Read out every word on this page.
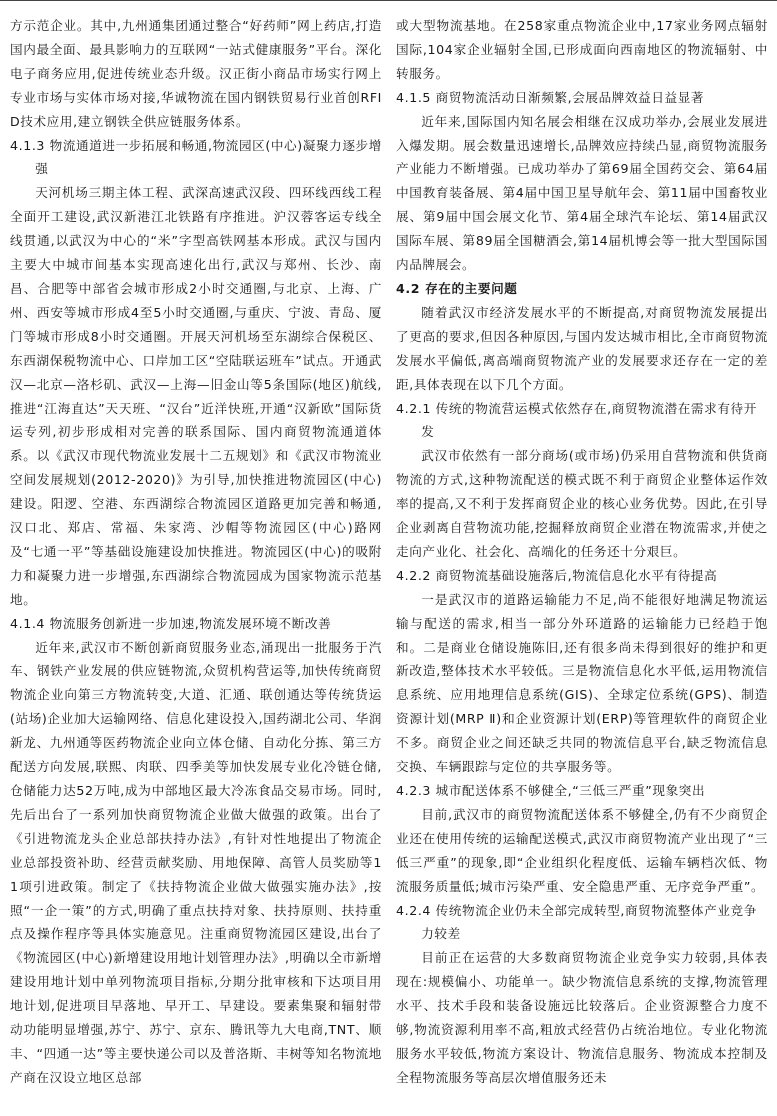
方示范企业。其中,九州通集团通过整合“好药师”网上药店,打造国内最全面、最具影响力的互联网“一站式健康服务”平台。深化电子商务应用,促进传统业态升级。汉正街小商品市场实行网上专业市场与实体市场对接,华诚物流在国内钢铁贸易行业首创RFID技术应用,建立钢铁全供应链服务体系。

4.1.3 物流通道进一步拓展和畅通,物流园区(中心)凝聚力逐步增强

天河机场三期主体工程、武深高速武汉段、四环线西线工程全面开工建设,武汉新港江北铁路有序推进。沪汉蓉客运专线全线贯通,以武汉为中心的“米”字型高铁网基本形成。武汉与国内主要大中城市间基本实现高速化出行,武汉与郑州、长沙、南昌、合肥等中部省会城市形成2小时交通圈,与北京、上海、广州、西安等城市形成4至5小时交通圈,与重庆、宁波、青岛、厦门等城市形成8小时交通圈。开展天河机场至东湖综合保税区、东西湖保税物流中心、口岸加工区“空陆联运班车”试点。开通武汉—北京—洛杉矶、武汉—上海—旧金山等5条国际(地区)航线,推进“江海直达”天天班、“汉台”近洋快班,开通“汉新欧”国际货运专列,初步形成相对完善的联系国际、国内商贸物流通道体系。以《武汉市现代物流业发展十二五规划》和《武汉市物流业空间发展规划(2012-2020)》为引导,加快推进物流园区(中心)建设。阳逻、空港、东西湖综合物流园区道路更加完善和畅通,汉口北、郑店、常福、朱家湾、沙帽等物流园区(中心)路网及“七通一平”等基础设施建设加快推进。物流园区(中心)的吸附力和凝聚力进一步增强,东西湖综合物流园成为国家物流示范基地。

4.1.4 物流服务创新进一步加速,物流发展环境不断改善

近年来,武汉市不断创新商贸服务业态,涌现出一批服务于汽车、钢铁产业发展的供应链物流,众贸机构营运等,加快传统商贸物流企业向第三方物流转变,大道、汇通、联创通达等传统货运(站场)企业加大运输网络、信息化建设投入,国药湖北公司、华润新龙、九州通等医药物流企业向立体仓储、自动化分拣、第三方配送方向发展,联熙、肉联、四季美等加快发展专业化冷链仓储,仓储能力达52万吨,成为中部地区最大冷冻食品交易市场。同时,先后出台了一系列加快商贸物流企业做大做强的政策。出台了《引进物流龙头企业总部扶持办法》,有针对性地提出了物流企业总部投资补助、经营贡献奖励、用地保障、高管人员奖励等11项引进政策。制定了《扶持物流企业做大做强实施办法》,按照“一企一策”的方式,明确了重点扶持对象、扶持原则、扶持重点及操作程序等具体实施意见。注重商贸物流园区建设,出台了《物流园区(中心)新增建设用地计划管理办法》,明确以全市新增建设用地计划中单列物流项目指标,分期分批审核和下达项目用地计划,促进项目早落地、早开工、早建设。要素集聚和辐射带动功能明显增强,苏宁、苏宁、京东、腾讯等九大电商,TNT、顺丰、“四通一达”等主要快递公司以及普洛斯、丰树等知名物流地产商在汉设立地区总部

或大型物流基地。在258家重点物流企业中,17家业务网点辐射国际,104家企业辐射全国,已形成面向西南地区的物流辐射、中转服务。

4.1.5 商贸物流活动日渐频繁,会展品牌效益日益显著

近年来,国际国内知名展会相继在汉成功举办,会展业发展进入爆发期。展会数量迅速增长,品牌效应持续凸显,商贸物流服务产业能力不断增强。已成功举办了第69届全国药交会、第64届中国教育装备展、第4届中国卫星导航年会、第11届中国畜牧业展、第9届中国会展文化节、第4届全球汽车论坛、第14届武汉国际车展、第89届全国糖酒会,第14届机博会等一批大型国际国内品牌展会。

4.2 存在的主要问题

随着武汉市经济发展水平的不断提高,对商贸物流发展提出了更高的要求,但因各种原因,与国内发达城市相比,全市商贸物流发展水平偏低,离高端商贸物流产业的发展要求还存在一定的差距,具体表现在以下几个方面。

4.2.1 传统的物流营运模式依然存在,商贸物流潜在需求有待开发

武汉市依然有一部分商场(或市场)仍采用自营物流和供货商物流的方式,这种物流配送的模式既不利于商贸企业整体运作效率的提高,又不利于发挥商贸企业的核心业务优势。因此,在引导企业剥离自营物流功能,挖掘释放商贸企业潜在物流需求,并使之走向产业化、社会化、高端化的任务还十分艰巨。

4.2.2 商贸物流基础设施落后,物流信息化水平有待提高

一是武汉市的道路运输能力不足,尚不能很好地满足物流运输与配送的需求,相当一部分外环道路的运输能力已经趋于饱和。二是商业仓储设施陈旧,还有很多尚未得到很好的维护和更新改造,整体技术水平较低。三是物流信息化水平低,运用物流信息系统、应用地理信息系统(GIS)、全球定位系统(GPS)、制造资源计划(MRP Ⅱ)和企业资源计划(ERP)等管理软件的商贸企业不多。商贸企业之间还缺乏共同的物流信息平台,缺乏物流信息交换、车辆跟踪与定位的共享服务等。

4.2.3 城市配送体系不够健全,“三低三严重”现象突出

目前,武汉市的商贸物流配送体系不够健全,仍有不少商贸企业还在使用传统的运输配送模式,武汉市商贸物流产业出现了“三低三严重”的现象,即“企业组织化程度低、运输车辆档次低、物流服务质量低;城市污染严重、安全隐患严重、无序竞争严重”。

4.2.4 传统物流企业仍未全部完成转型,商贸物流整体产业竞争力较差

目前正在运营的大多数商贸物流企业竞争实力较弱,具体表现在:规模偏小、功能单一。缺少物流信息系统的支撑,物流管理水平、技术手段和装备设施远比较落后。企业资源整合力度不够,物流资源利用率不高,粗放式经营仍占统治地位。专业化物流服务水平较低,物流方案设计、物流信息服务、物流成本控制及全程物流服务等高层次增值服务还未
